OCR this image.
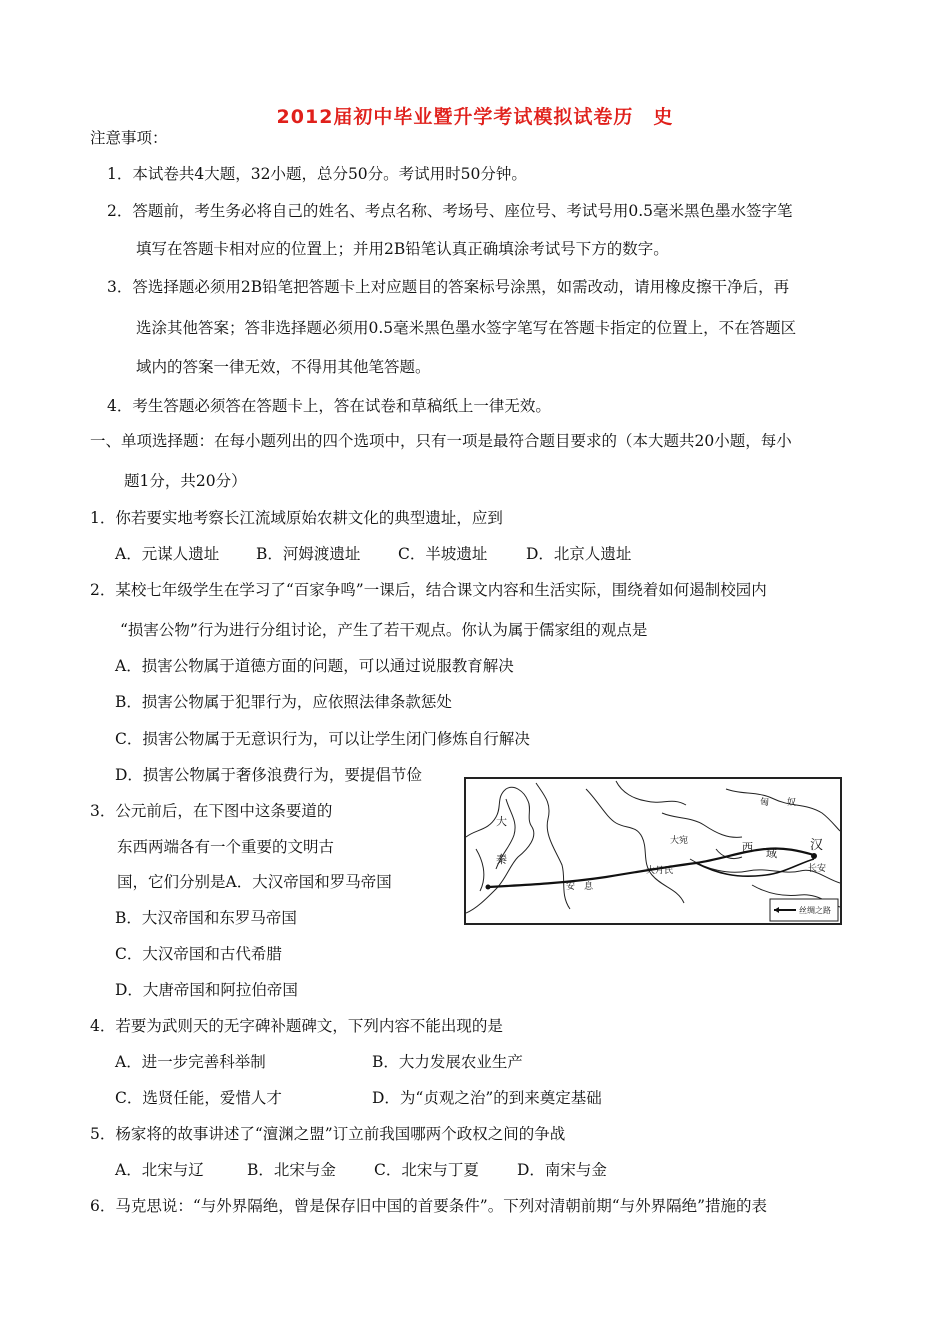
2012届初中毕业暨升学考试模拟试卷历　史
注意事项：
1．本试卷共4大题，32小题，总分50分。考试用时50分钟。
2．答题前，考生务必将自己的姓名、考点名称、考场号、座位号、考试号用0.5毫米黑色墨水签字笔
填写在答题卡相对应的位置上；并用2B铅笔认真正确填涂考试号下方的数字。
3．答选择题必须用2B铅笔把答题卡上对应题目的答案标号涂黑，如需改动，请用橡皮擦干净后，再
选涂其他答案；答非选择题必须用0.5毫米黑色墨水签字笔写在答题卡指定的位置上，不在答题区
域内的答案一律无效，不得用其他笔答题。
4．考生答题必须答在答题卡上，答在试卷和草稿纸上一律无效。
一、单项选择题：在每小题列出的四个选项中，只有一项是最符合题目要求的（本大题共20小题，每小
题1分，共20分）
1．你若要实地考察长江流域原始农耕文化的典型遗址，应到
A．元谋人遗址 B．河姆渡遗址 C．半坡遗址 D．北京人遗址
2．某校七年级学生在学习了“百家争鸣”一课后，结合课文内容和生活实际，围绕着如何遏制校园内
“损害公物”行为进行分组讨论，产生了若干观点。你认为属于儒家组的观点是
A．损害公物属于道德方面的问题，可以通过说服教育解决
B．损害公物属于犯罪行为，应依照法律条款惩处
C．损害公物属于无意识行为，可以让学生闭门修炼自行解决
D．损害公物属于奢侈浪费行为，要提倡节俭
3．公元前后，在下图中这条要道的
东西两端各有一个重要的文明古
国，它们分别是A．大汉帝国和罗马帝国
B．大汉帝国和东罗马帝国
C．大汉帝国和古代希腊
D．大唐帝国和阿拉伯帝国
匈　　奴
汉
长安
大宛
大月氏
安　息
大
秦
西 域
丝绸之路
4．若要为武则天的无字碑补题碑文，下列内容不能出现的是
A．进一步完善科举制	B．大力发展农业生产
C．选贤任能，爱惜人才	D．为“贞观之治”的到来奠定基础
5．杨家将的故事讲述了“澶渊之盟”订立前我国哪两个政权之间的争战
A．北宋与辽	B．北宋与金 C．北宋与丁夏 D．南宋与金
6．马克思说：“与外界隔绝，曾是保存旧中国的首要条件”。下列对清朝前期“与外界隔绝”措施的表
